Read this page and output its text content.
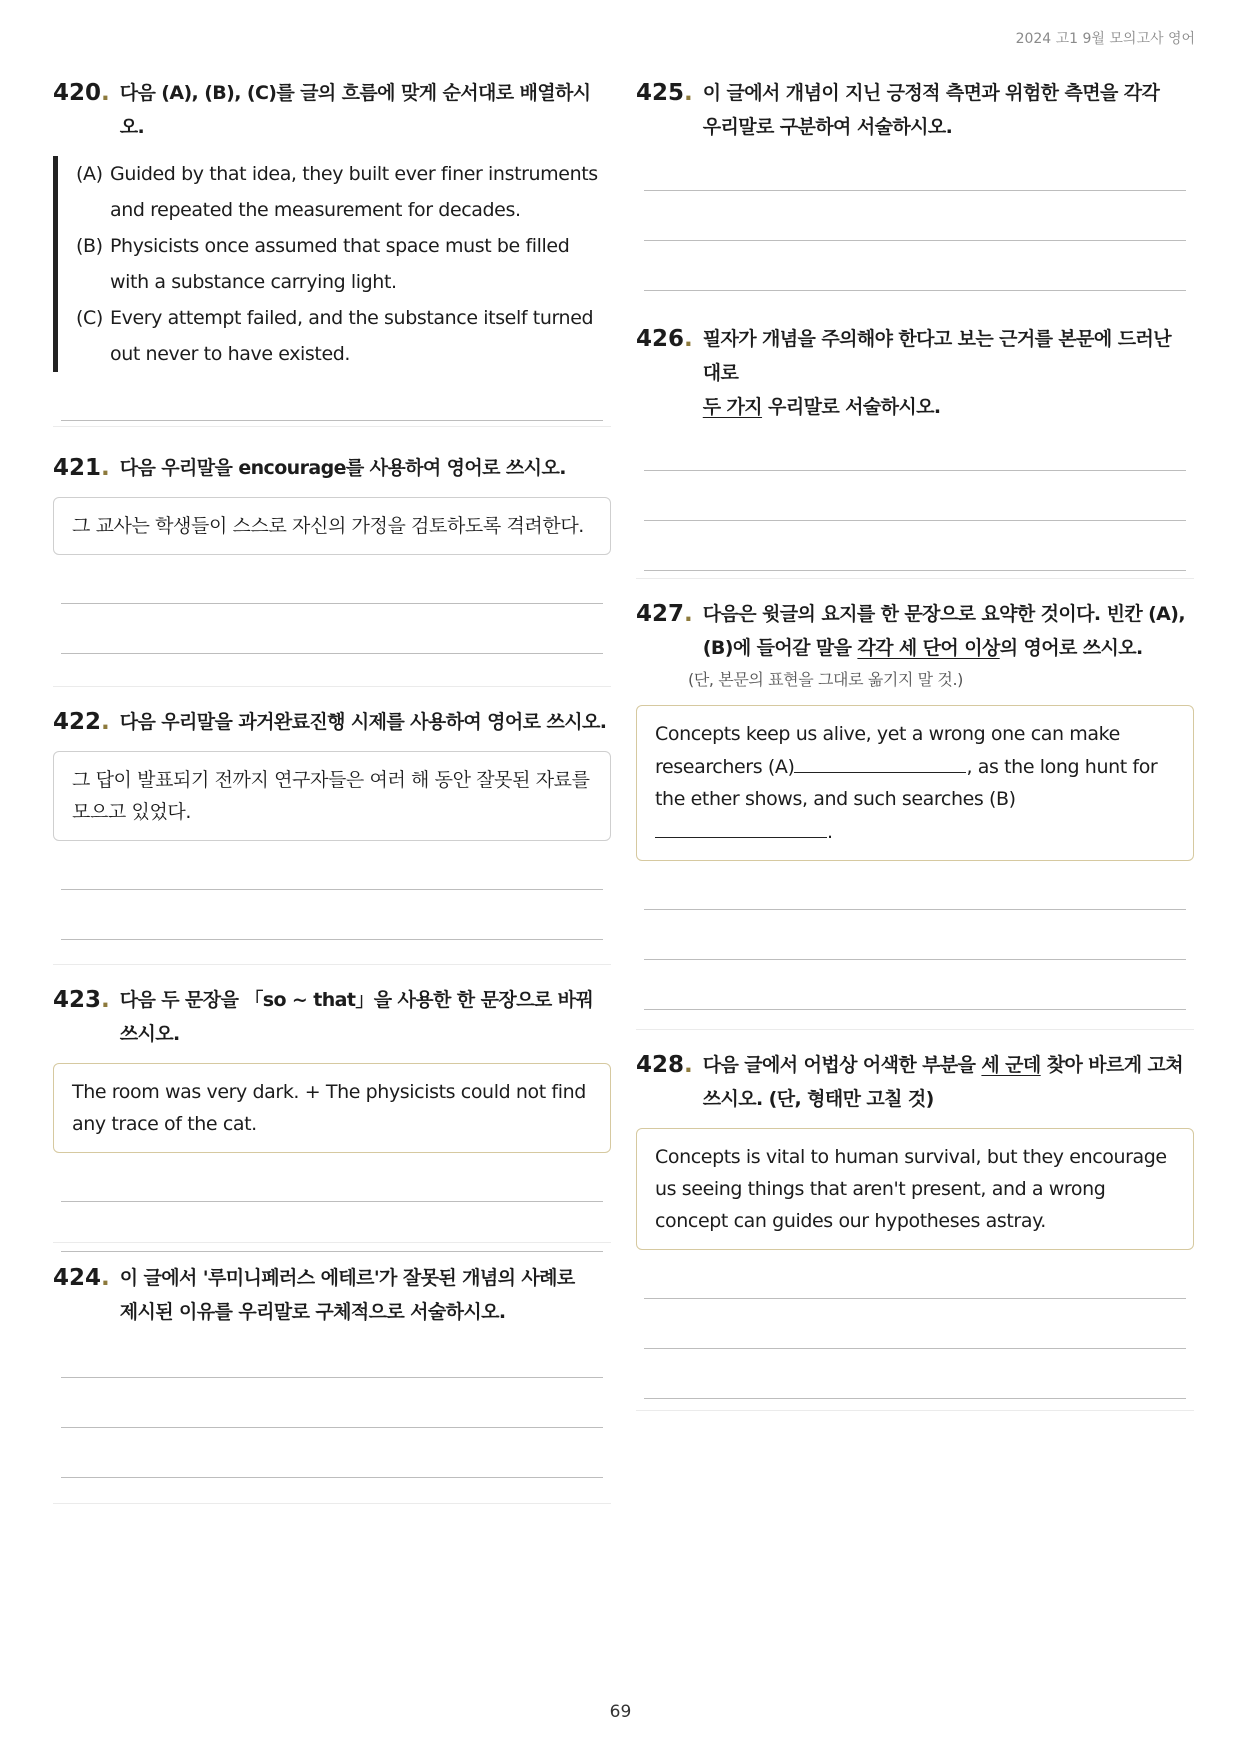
2024 고1 9월 모의고사 영어
420. 다음 (A), (B), (C)를 글의 흐름에 맞게 순서대로 배열하시오.
(A) Guided by that idea, they built ever finer instruments and repeated the measurement for decades.
(B) Physicists once assumed that space must be filled with a substance carrying light.
(C) Every attempt failed, and the substance itself turned out never to have existed.
421. 다음 우리말을 encourage를 사용하여 영어로 쓰시오.
그 교사는 학생들이 스스로 자신의 가정을 검토하도록 격려한다.
422. 다음 우리말을 과거완료진행 시제를 사용하여 영어로 쓰시오.
그 답이 발표되기 전까지 연구자들은 여러 해 동안 잘못된 자료를 모으고 있었다.
423. 다음 두 문장을 「so ~ that」을 사용한 한 문장으로 바꿔 쓰시오.
The room was very dark. + The physicists could not find any trace of the cat.
424. 이 글에서 '루미니페러스 에테르'가 잘못된 개념의 사례로
제시된 이유를 우리말로 구체적으로 서술하시오.
425. 이 글에서 개념이 지닌 긍정적 측면과 위험한 측면을 각각
우리말로 구분하여 서술하시오.
426. 필자가 개념을 주의해야 한다고 보는 근거를 본문에 드러난 대로
두 가지 우리말로 서술하시오.
427. 다음은 윗글의 요지를 한 문장으로 요약한 것이다. 빈칸 (A),
(B)에 들어갈 말을 각각 세 단어 이상의 영어로 쓰시오.
(단, 본문의 표현을 그대로 옮기지 말 것.)
Concepts keep us alive, yet a wrong one can make researchers (A)	, as the long hunt for the ether shows, and such searches (B)
.
428. 다음 글에서 어법상 어색한 부분을 세 군데 찾아 바르게 고쳐
쓰시오. (단, 형태만 고칠 것)
Concepts is vital to human survival, but they encourage us seeing things that aren't present, and a wrong concept can guides our hypotheses astray.
69
